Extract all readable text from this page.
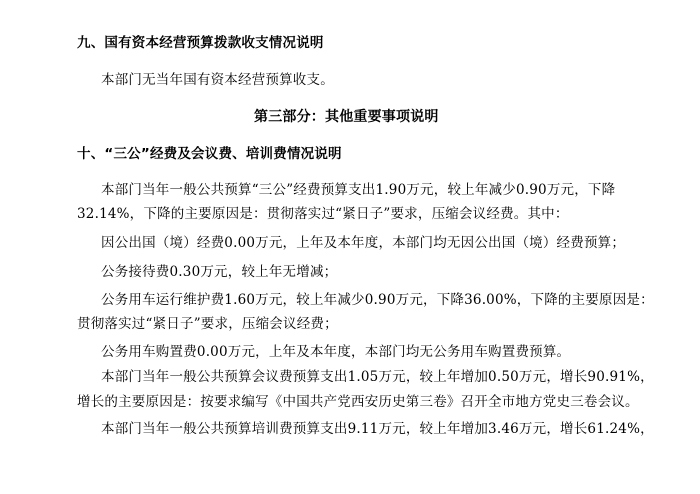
九、国有资本经营预算拨款收支情况说明
本部门无当年国有资本经营预算收支。
第三部分：其他重要事项说明
十、“三公”经费及会议费、培训费情况说明
本部门当年一般公共预算“三公”经费预算支出1.90万元，较上年减少0.90万元，下降
32.14%，下降的主要原因是：贯彻落实过“紧日子”要求，压缩会议经费。其中：
因公出国（境）经费0.00万元，上年及本年度，本部门均无因公出国（境）经费预算；
公务接待费0.30万元，较上年无增减；
公务用车运行维护费1.60万元，较上年减少0.90万元，下降36.00%，下降的主要原因是：
贯彻落实过“紧日子”要求，压缩会议经费；
公务用车购置费0.00万元，上年及本年度，本部门均无公务用车购置费预算。
本部门当年一般公共预算会议费预算支出1.05万元，较上年增加0.50万元，增长90.91%，
增长的主要原因是：按要求编写《中国共产党西安历史第三卷》召开全市地方党史三卷会议。
本部门当年一般公共预算培训费预算支出9.11万元，较上年增加3.46万元，增长61.24%，
